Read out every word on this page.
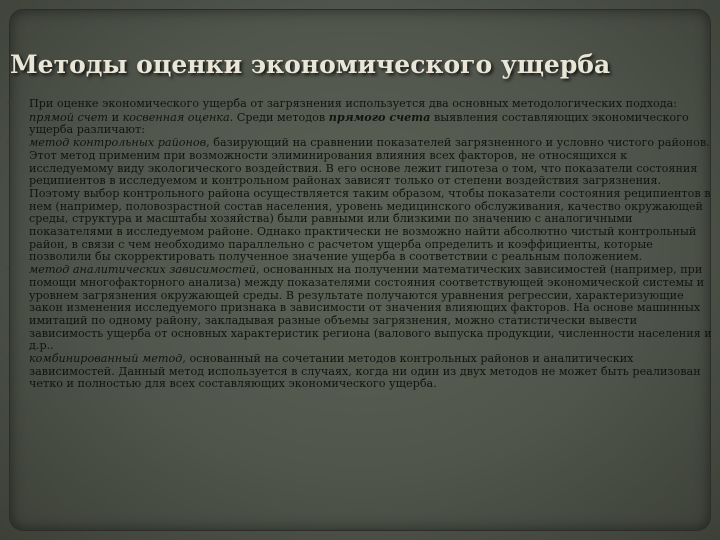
Методы оценки экономического ущерба
• При оценке экономического ущерба от загрязнения используется два основных методологических подхода: прямой счет и косвенная оценка. Среди методов прямого счета выявления составляющих экономического ущерба различают:
• метод контрольных районов, базирующий на сравнении показателей загрязненного и условно чистого районов. Этот метод применим при возможности элиминирования влияния всех факторов, не относящихся к исследуемому виду экологического воздействия. В его основе лежит гипотеза о том, что показатели состояния реципиентов в исследуемом и контрольном районах зависят только от степени воздействия загрязнения. Поэтому выбор контрольного района осуществляется таким образом, чтобы показатели состояния реципиентов в нем (например, половозрастной состав населения, уровень медицинского обслуживания, качество окружающей среды, структура и масштабы хозяйства) были равными или близкими по значению с аналогичными показателями в исследуемом районе. Однако практически не возможно найти абсолютно чистый контрольный район, в связи с чем необходимо параллельно с расчетом ущерба определить и коэффициенты, которые позволили бы скорректировать полученное значение ущерба в соответствии с реальным положением.
• метод аналитических зависимостей, основанных на получении математических зависимостей (например, при помощи многофакторного анализа) между показателями состояния соответствующей экономической системы и уровнем загрязнения окружающей среды. В результате получаются уравнения регрессии, характеризующие закон изменения исследуемого признака в зависимости от значения влияющих факторов. На основе машинных имитаций по одному району, закладывая разные объемы загрязнения, можно статистически вывести зависимость ущерба от основных характеристик региона (валового выпуска продукции, численности населения и д.р..
• комбинированный метод, основанный на сочетании методов контрольных районов и аналитических зависимостей. Данный метод используется в случаях, когда ни один из двух методов не может быть реализован четко и полностью для всех составляющих экономического ущерба.
